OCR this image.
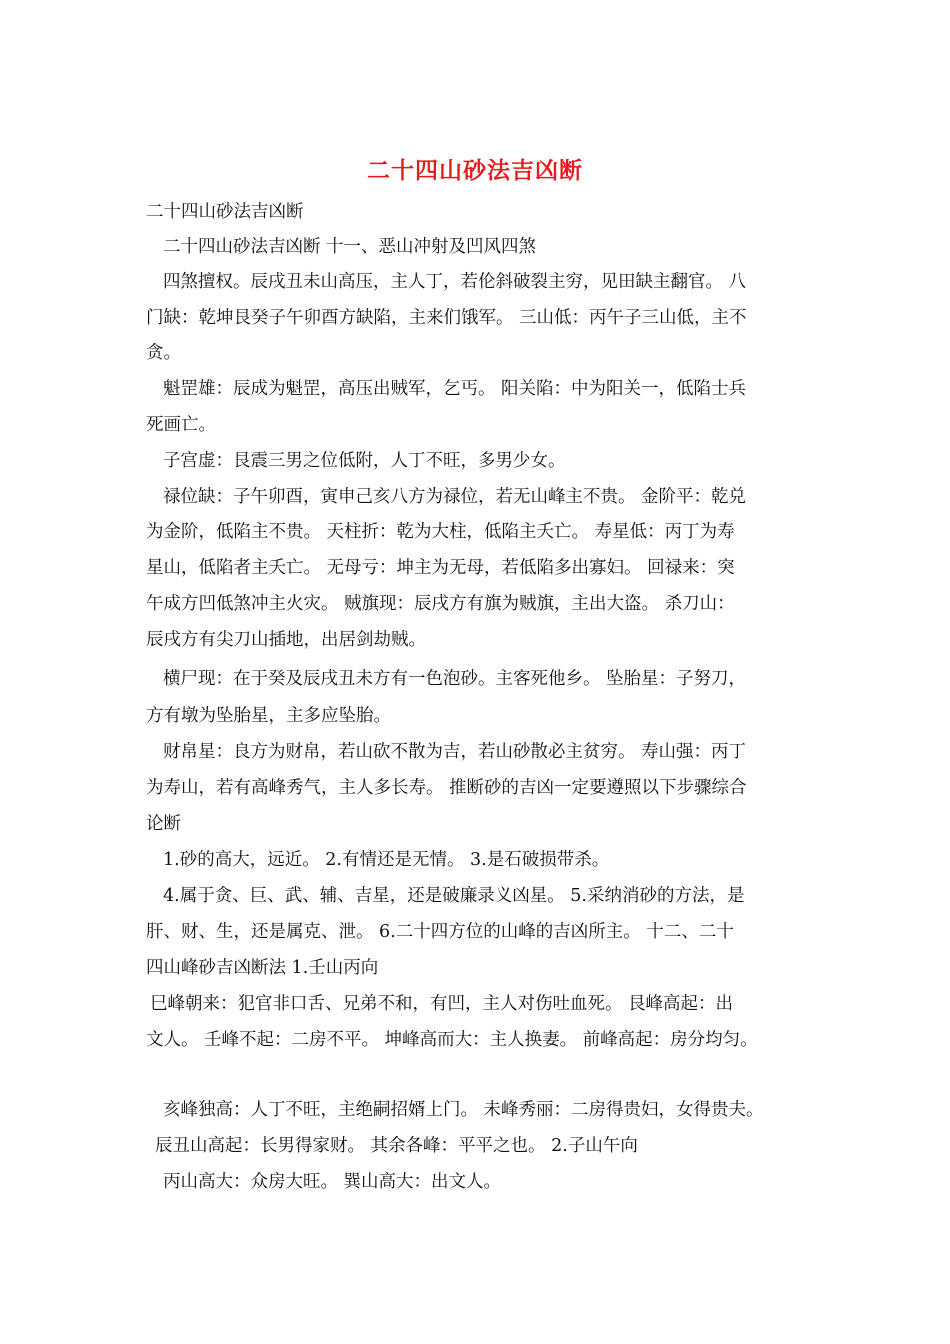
二十四山砂法吉凶断
二十四山砂法吉凶断
二十四山砂法吉凶断 十一、恶山冲射及凹风四煞
四煞擅权。辰戌丑未山高压，主人丁，若伦斜破裂主穷，见田缺主翻官。 八
门缺：乾坤艮癸子午卯酉方缺陷，主来们饿军。 三山低：丙午子三山低，主不
贪。
魁罡雄：辰成为魁罡，高压出贼军，乞丐。 阳关陷：中为阳关一，低陷士兵
死画亡。
子宫虚：艮震三男之位低附，人丁不旺，多男少女。
禄位缺：子午卯酉，寅申己亥八方为禄位，若无山峰主不贵。 金阶平：乾兑
为金阶，低陷主不贵。 天柱折：乾为大柱，低陷主夭亡。 寿星低：丙丁为寿
星山，低陷者主夭亡。 无母亏：坤主为无母，若低陷多出寡妇。 回禄来：突
午成方凹低煞冲主火灾。 贼旗现：辰戌方有旗为贼旗，主出大盗。 杀刀山：
辰戌方有尖刀山插地，出居剑劫贼。
横尸现：在于癸及辰戌丑未方有一色泡砂。主客死他乡。 坠胎星：子努刀，
方有墩为坠胎星，主多应坠胎。
财帛星：良方为财帛，若山砍不散为吉，若山砂散必主贫穷。 寿山强：丙丁
为寿山，若有高峰秀气，主人多长寿。 推断砂的吉凶一定要遵照以下步骤综合
论断
1.砂的高大，远近。 2.有情还是无情。 3.是石破损带杀。
4.属于贪、巨、武、辅、吉星，还是破廉录义凶星。 5.采纳消砂的方法，是
肝、财、生，还是属克、泄。 6.二十四方位的山峰的吉凶所主。 十二、二十
四山峰砂吉凶断法 1.壬山丙向
巳峰朝来：犯官非口舌、兄弟不和，有凹，主人对伤吐血死。 艮峰高起：出
文人。 壬峰不起：二房不平。 坤峰高而大：主人换妻。 前峰高起：房分均匀。
亥峰独高：人丁不旺，主绝嗣招婿上门。 未峰秀丽：二房得贵妇，女得贵夫。
辰丑山高起：长男得家财。 其余各峰：平平之也。 2.子山午向
丙山高大：众房大旺。 巽山高大：出文人。
